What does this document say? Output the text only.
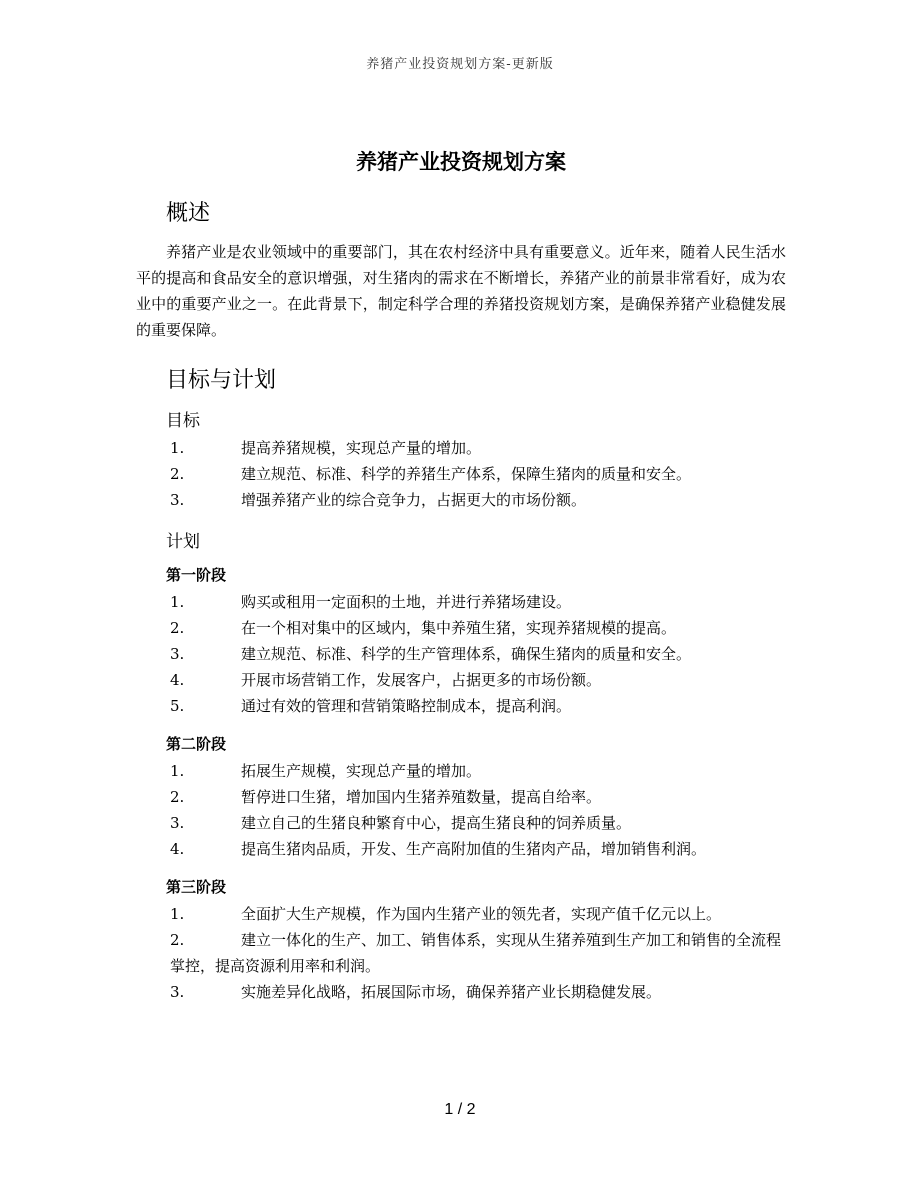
养猪产业投资规划方案-更新版
养猪产业投资规划方案
概述

养猪产业是农业领域中的重要部门，其在农村经济中具有重要意义。近年来，随着人民生活水平的提高和食品安全的意识增强，对生猪肉的需求在不断增长，养猪产业的前景非常看好，成为农业中的重要产业之一。在此背景下，制定科学合理的养猪投资规划方案，是确保养猪产业稳健发展的重要保障。

目标与计划
目标
1.	提高养猪规模，实现总产量的增加。
2.	建立规范、标准、科学的养猪生产体系，保障生猪肉的质量和安全。
3.	增强养猪产业的综合竞争力，占据更大的市场份额。
计划
第一阶段
1.	购买或租用一定面积的土地，并进行养猪场建设。
2.	在一个相对集中的区域内，集中养殖生猪，实现养猪规模的提高。
3.	建立规范、标准、科学的生产管理体系，确保生猪肉的质量和安全。
4.	开展市场营销工作，发展客户，占据更多的市场份额。
5.	通过有效的管理和营销策略控制成本，提高利润。
第二阶段
1.	拓展生产规模，实现总产量的增加。
2.	暂停进口生猪，增加国内生猪养殖数量，提高自给率。
3.	建立自己的生猪良种繁育中心，提高生猪良种的饲养质量。
4.	提高生猪肉品质，开发、生产高附加值的生猪肉产品，增加销售利润。
第三阶段
1.	全面扩大生产规模，作为国内生猪产业的领先者，实现产值千亿元以上。
2.	建立一体化的生产、加工、销售体系，实现从生猪养殖到生产加工和销售的全流程掌控，提高资源利用率和利润。
3.	实施差异化战略，拓展国际市场，确保养猪产业长期稳健发展。
1 / 2
